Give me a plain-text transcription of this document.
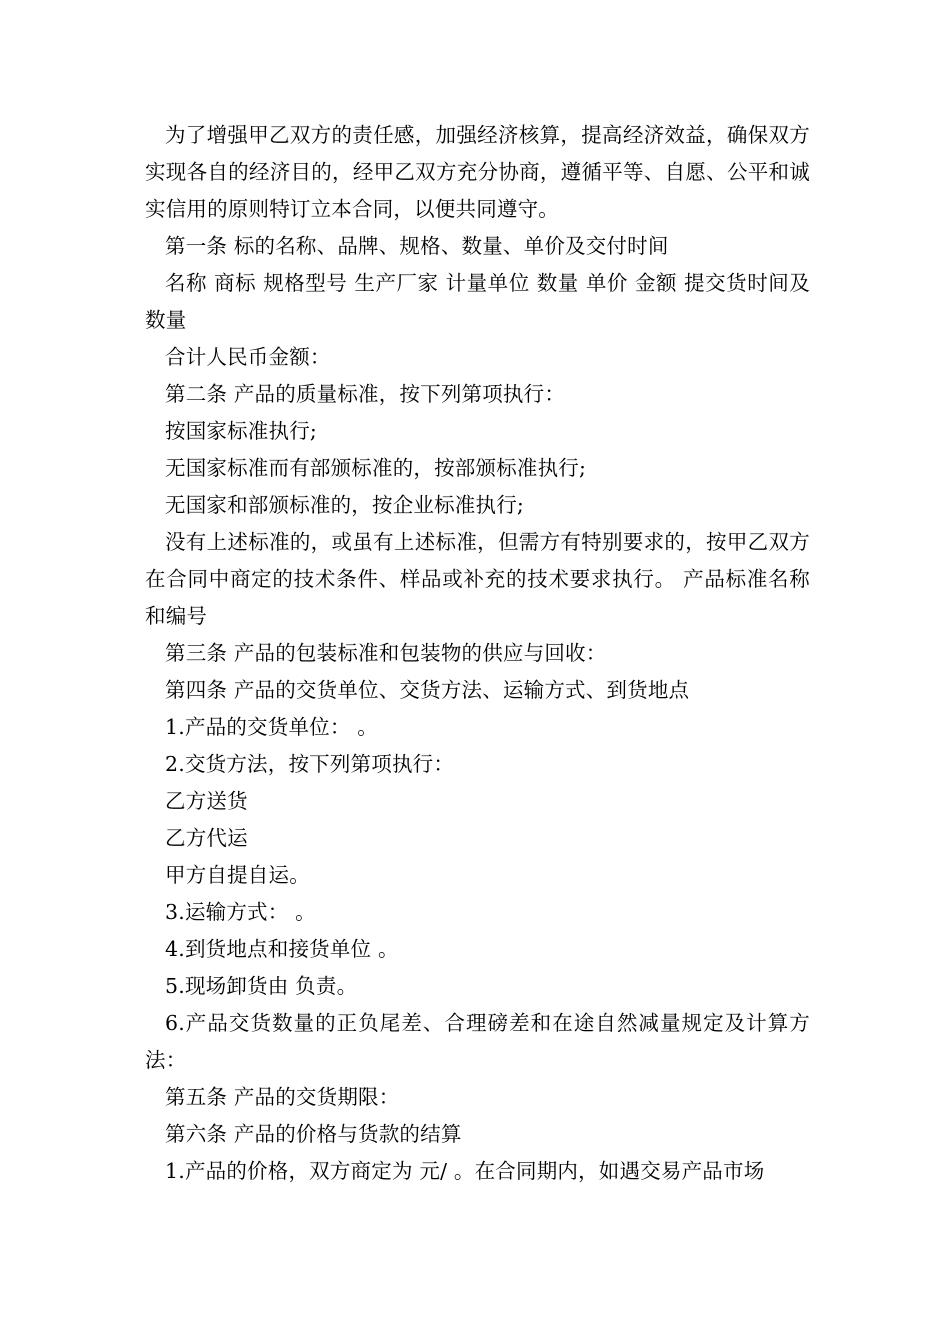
为了增强甲乙双方的责任感，加强经济核算，提高经济效益，确保双方实现各自的经济目的，经甲乙双方充分协商，遵循平等、自愿、公平和诚实信用的原则特订立本合同，以便共同遵守。

第一条 标的名称、品牌、规格、数量、单价及交付时间

名称 商标 规格型号 生产厂家 计量单位 数量 单价 金额 提交货时间及数量

合计人民币金额：

第二条 产品的质量标准，按下列第项执行：

按国家标准执行;

无国家标准而有部颁标准的，按部颁标准执行;

无国家和部颁标准的，按企业标准执行;

没有上述标准的，或虽有上述标准，但需方有特别要求的，按甲乙双方在合同中商定的技术条件、样品或补充的技术要求执行。 产品标准名称和编号

第三条 产品的包装标准和包装物的供应与回收：

第四条 产品的交货单位、交货方法、运输方式、到货地点

1.产品的交货单位： 。

2.交货方法，按下列第项执行：

乙方送货

乙方代运

甲方自提自运。

3.运输方式： 。

4.到货地点和接货单位 。

5.现场卸货由 负责。

6.产品交货数量的正负尾差、合理磅差和在途自然减量规定及计算方法：

第五条 产品的交货期限：

第六条 产品的价格与货款的结算

1.产品的价格，双方商定为 元/ 。在合同期内，如遇交易产品市场
